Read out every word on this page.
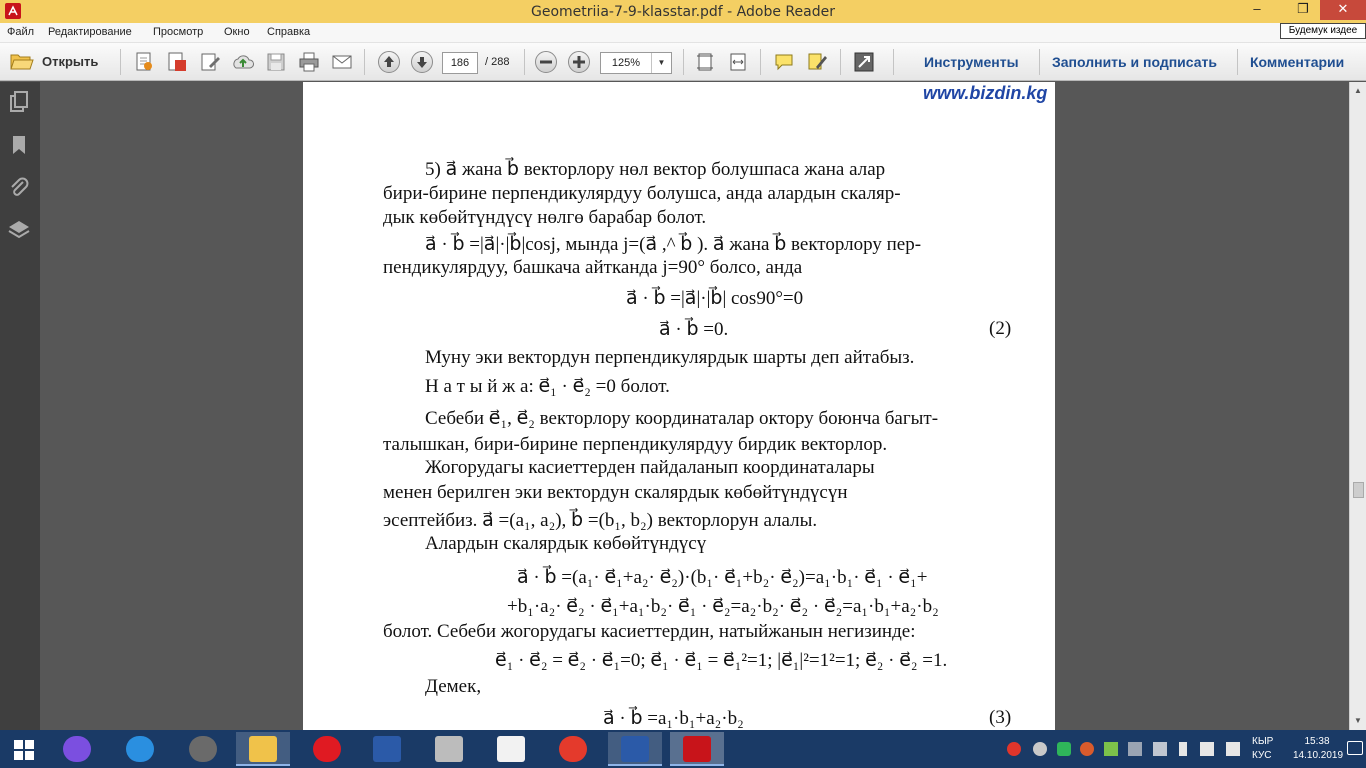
Geometriia-7-9-klasstar.pdf - Adobe Reader	–	❐	✕
Будемук издее
Файл Редактирование Просмотр Окно Справка
Открыть	186	/ 288	125%	▼	Инструменты Заполнить и подписать Комментарии
www.bizdin.kg
5) a⃗ жана b⃗ векторлору нөл вектор болушпаса жана алар
бири-бирине перпендикулярдуу болушса, анда алардын скаляр-
дык көбөйтүндүсү нөлгө барабар болот.
a⃗ · b⃗ =|a⃗|·|b⃗|cosj, мында j=(a⃗ ,^ b⃗ ). a⃗ жана b⃗ векторлору пер-
пендикулярдуу, башкача айтканда j=90° болсо, анда
a⃗ · b⃗ =|a⃗|·|b⃗| cos90°=0
a⃗ · b⃗ =0.	(2)
Муну эки вектордун перпендикулярдык шарты деп айтабыз.
Н а т ы й ж а: e⃗₁ · e⃗₂ =0 болот.
Себеби e⃗₁, e⃗₂ векторлору координаталар октору боюнча багыт-
талышкан, бири-бирине перпендикулярдуу бирдик векторлор.
Жогорудагы касиеттерден пайдаланып координаталары
менен берилген эки вектордун скалярдык көбөйтүндүсүн
эсептейбиз. a⃗ =(a₁, a₂), b⃗ =(b₁, b₂) векторлорун алалы.
Алардын скалярдык көбөйтүндүсү
a⃗ · b⃗ =(a₁· e⃗₁+a₂· e⃗₂)·(b₁· e⃗₁+b₂· e⃗₂)=a₁·b₁· e⃗₁ · e⃗₁+
+b₁·a₂· e⃗₂ · e⃗₁+a₁·b₂· e⃗₁ · e⃗₂=a₂·b₂· e⃗₂ · e⃗₂=a₁·b₁+a₂·b₂
болот. Себеби жогорудагы касиеттердин, натыйжанын негизинде:
e⃗₁ · e⃗₂ = e⃗₂ · e⃗₁=0; e⃗₁ · e⃗₁ = e⃗₁²=1; |e⃗₁|²=1²=1; e⃗₂ · e⃗₂ =1.
Демек,
a⃗ · b⃗ =a₁·b₁+a₂·b₂	(3)
▲
▼
КЫР
КУС
15:38
14.10.2019
